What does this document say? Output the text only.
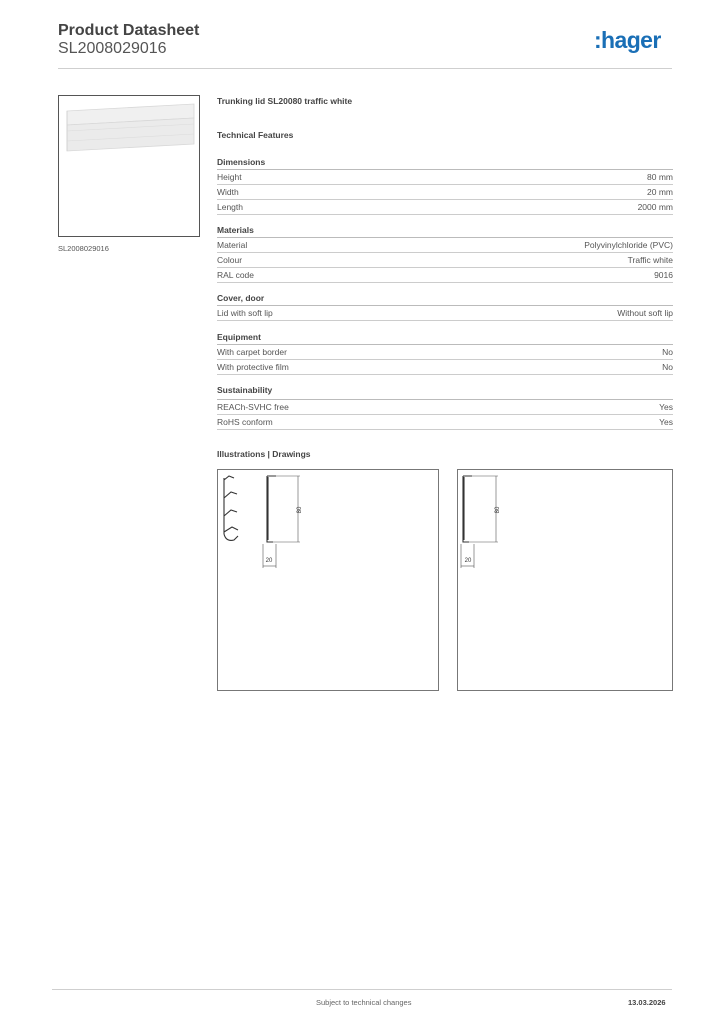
Product Datasheet
SL2008029016	:hager
SL2008029016
Trunking lid SL20080 traffic white
Technical Features
Dimensions
Height	80 mm
Width	20 mm
Length	2000 mm
Materials
Material	Polyvinylchloride (PVC)
Colour	Traffic white
RAL code	9016
Cover, door
Lid with soft lip	Without soft lip
Equipment
With carpet border	No
With protective film	No
Sustainability
REACh-SVHC free	Yes
RoHS conform	Yes
Illustrations | Drawings
80
20
80
20
Subject to technical changes	13.03.2026
